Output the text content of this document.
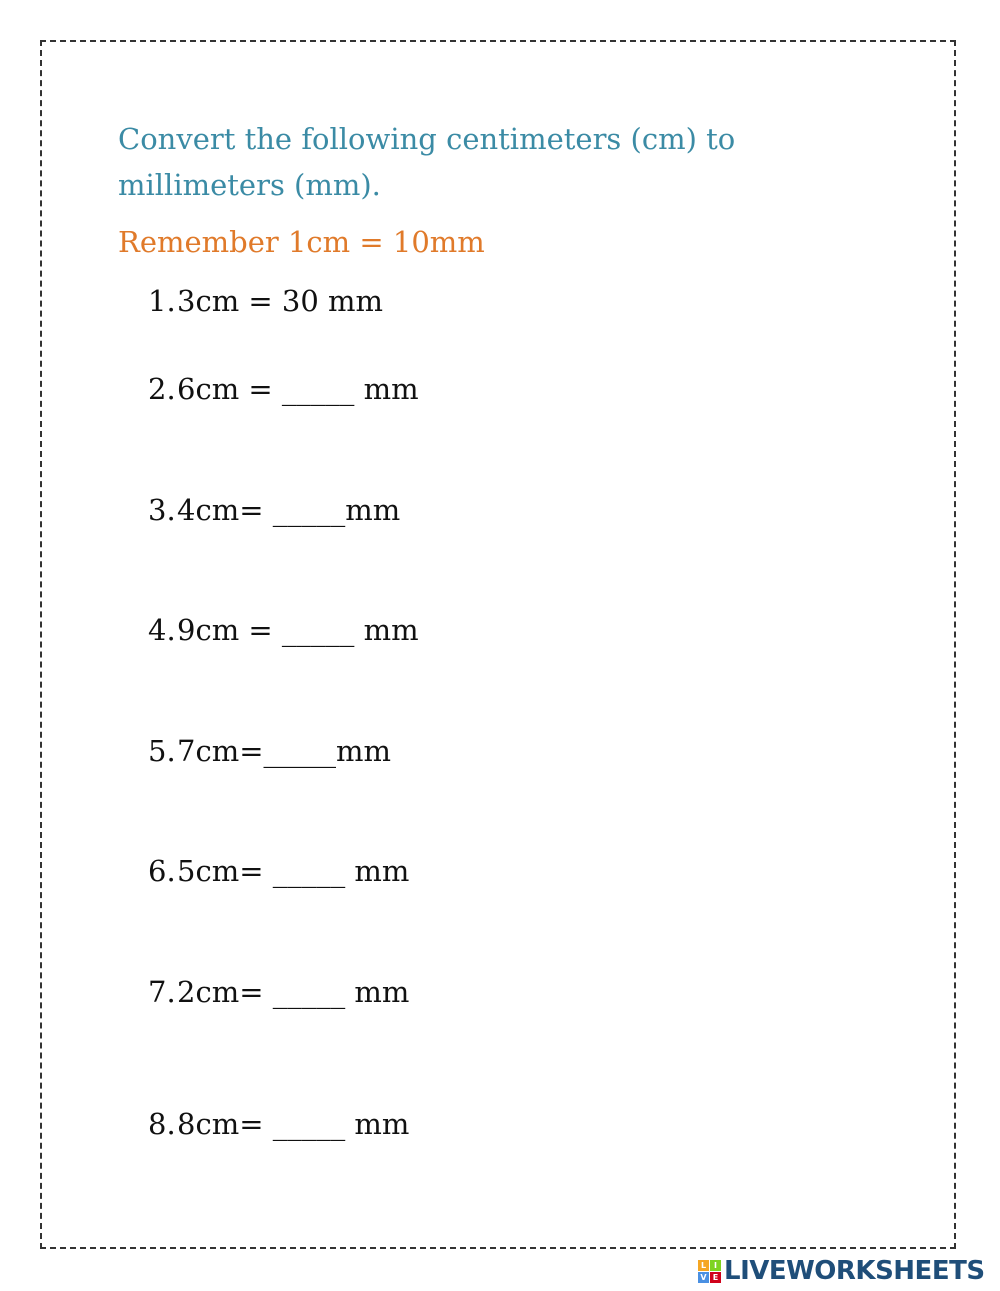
Convert the following centimeters (cm) to millimeters (mm).
Remember 1cm = 10mm
1.3cm = 30 mm
2.6cm = _____ mm
3.4cm= _____mm
4.9cm = _____ mm
5.7cm=_____mm
6.5cm= _____ mm
7.2cm= _____ mm
8.8cm= _____ mm
L I
V E LIVEWORKSHEETS
